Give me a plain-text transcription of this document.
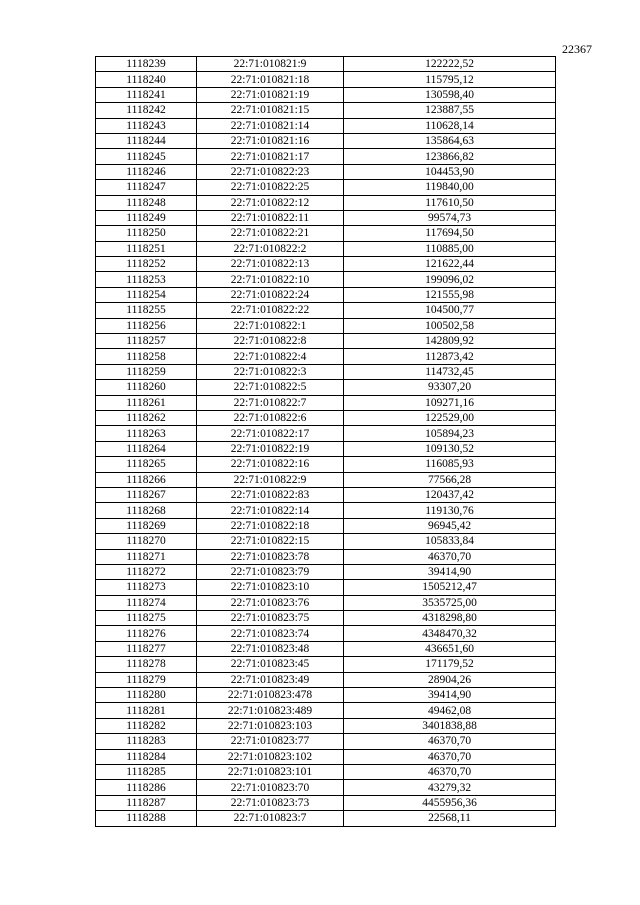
22367
1118239	22:71:010821:9	122222,52
1118240	22:71:010821:18	115795,12
1118241	22:71:010821:19	130598,40
1118242	22:71:010821:15	123887,55
1118243	22:71:010821:14	110628,14
1118244	22:71:010821:16	135864,63
1118245	22:71:010821:17	123866,82
1118246	22:71:010822:23	104453,90
1118247	22:71:010822:25	119840,00
1118248	22:71:010822:12	117610,50
1118249	22:71:010822:11	99574,73
1118250	22:71:010822:21	117694,50
1118251	22:71:010822:2	110885,00
1118252	22:71:010822:13	121622,44
1118253	22:71:010822:10	199096,02
1118254	22:71:010822:24	121555,98
1118255	22:71:010822:22	104500,77
1118256	22:71:010822:1	100502,58
1118257	22:71:010822:8	142809,92
1118258	22:71:010822:4	112873,42
1118259	22:71:010822:3	114732,45
1118260	22:71:010822:5	93307,20
1118261	22:71:010822:7	109271,16
1118262	22:71:010822:6	122529,00
1118263	22:71:010822:17	105894,23
1118264	22:71:010822:19	109130,52
1118265	22:71:010822:16	116085,93
1118266	22:71:010822:9	77566,28
1118267	22:71:010822:83	120437,42
1118268	22:71:010822:14	119130,76
1118269	22:71:010822:18	96945,42
1118270	22:71:010822:15	105833,84
1118271	22:71:010823:78	46370,70
1118272	22:71:010823:79	39414,90
1118273	22:71:010823:10	1505212,47
1118274	22:71:010823:76	3535725,00
1118275	22:71:010823:75	4318298,80
1118276	22:71:010823:74	4348470,32
1118277	22:71:010823:48	436651,60
1118278	22:71:010823:45	171179,52
1118279	22:71:010823:49	28904,26
1118280	22:71:010823:478	39414,90
1118281	22:71:010823:489	49462,08
1118282	22:71:010823:103	3401838,88
1118283	22:71:010823:77	46370,70
1118284	22:71:010823:102	46370,70
1118285	22:71:010823:101	46370,70
1118286	22:71:010823:70	43279,32
1118287	22:71:010823:73	4455956,36
1118288	22:71:010823:7	22568,11
